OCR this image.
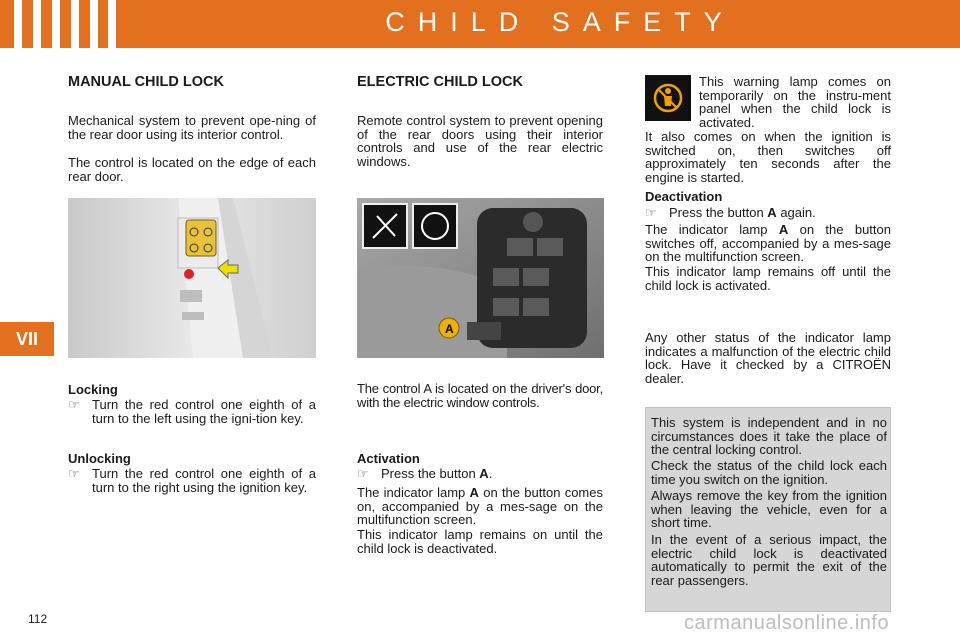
CHILD SAFETY
VII
112
MANUAL CHILD LOCK

Mechanical system to prevent ope-ning of the rear door using its interior control.

The control is located on the edge of each rear door.

Locking
☞ Turn the red control one eighth of a turn to the left using the igni-tion key.
Unlocking
☞ Turn the red control one eighth of a turn to the right using the ignition key.
ELECTRIC CHILD LOCK

Remote control system to prevent opening of the rear doors using their interior controls and use of the rear electric windows.

A

The control A is located on the driver's door, with the electric window controls.

Activation
☞ Press the button A.

The indicator lamp A on the button comes on, accompanied by a mes-sage on the multifunction screen.

This indicator lamp remains on until the child lock is deactivated.

This warning lamp comes on temporarily on the instru-ment panel when the child lock is activated.

It also comes on when the ignition is switched on, then switches off approximately ten seconds after the engine is started.

Deactivation
☞ Press the button A again.

The indicator lamp A on the button switches off, accompanied by a mes-sage on the multifunction screen.

This indicator lamp remains off until the child lock is activated.

Any other status of the indicator lamp indicates a malfunction of the electric child lock. Have it checked by a CITROËN dealer.

This system is independent and in no circumstances does it take the place of the central locking control.

Check the status of the child lock each time you switch on the ignition.

Always remove the key from the ignition when leaving the vehicle, even for a short time.

In the event of a serious impact, the electric child lock is deactivated automatically to permit the exit of the rear passengers.

carmanualsonline.info
